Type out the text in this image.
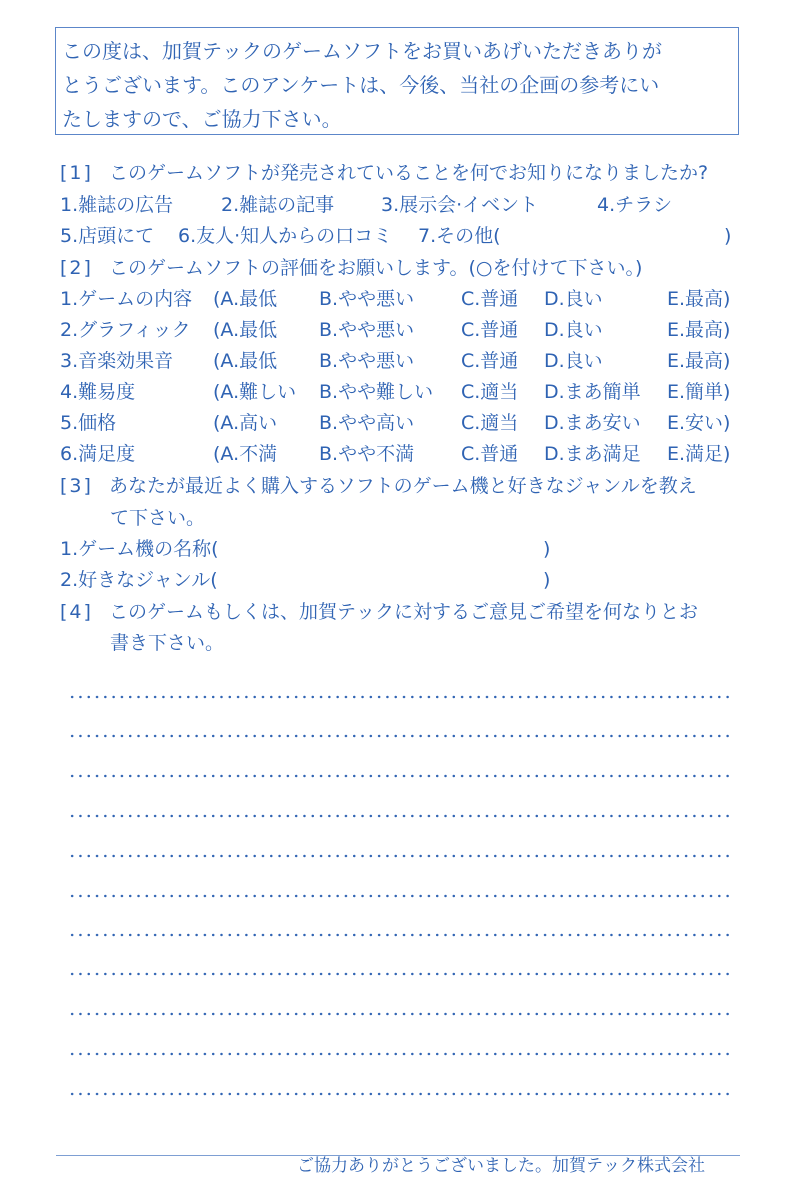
この度は、加賀テックのゲームソフトをお買いあげいただきありが
とうございます。このアンケートは、今後、当社の企画の参考にい
たしますので、ご協力下さい。
[1] このゲームソフトが発売されていることを何でお知りになりましたか?
1.雑誌の広告	2.雑誌の記事 3.展示会·イベント	4.チラシ
5.店頭にて 6.友人·知人からの口コミ 7.その他(	)
[2] このゲームソフトの評価をお願いします。(○を付けて下さい。)
1.ゲームの内容 (A.最低 B.やや悪い C.普通 D.良い	E.最高)
2.グラフィック (A.最低 B.やや悪い C.普通 D.良い	E.最高)
3.音楽効果音 (A.最低 B.やや悪い C.普通 D.良い	E.最高)
4.難易度	(A.難しい B.やや難しい C.適当 D.まあ簡単 E.簡単)
5.価格	(A.高い B.やや高い C.適当 D.まあ安い E.安い)
6.満足度	(A.不満 B.やや不満 C.普通 D.まあ満足 E.満足)
[3] あなたが最近よく購入するソフトのゲーム機と好きなジャンルを教え
て下さい。
1.ゲーム機の名称(	)
2.好きなジャンル(	)
[4] このゲームもしくは、加賀テックに対するご意見ご希望を何なりとお
書き下さい。
ご協力ありがとうございました。加賀テック株式会社
